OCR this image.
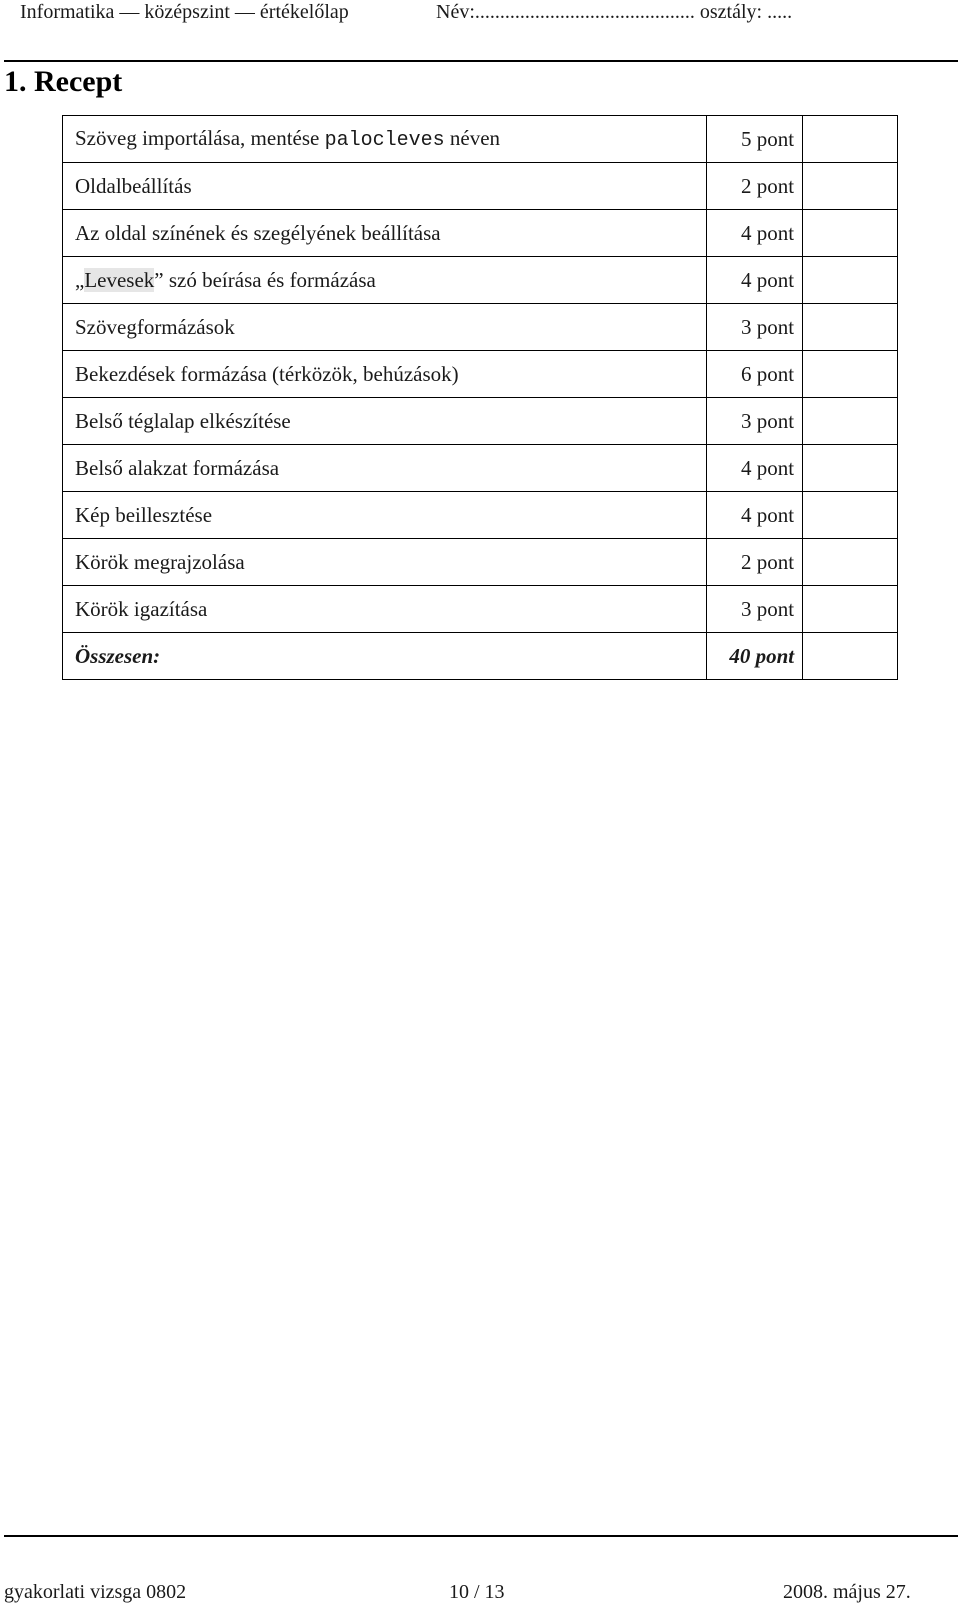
Informatika — középszint — értékelőlap	Név:............................................ osztály: .....
1. Recept
Szöveg importálása, mentése palocleves néven	5 pont	
Oldalbeállítás	2 pont	
Az oldal színének és szegélyének beállítása	4 pont	
„Levesek” szó beírása és formázása	4 pont	
Szövegformázások	3 pont	
Bekezdések formázása (térközök, behúzások)	6 pont	
Belső téglalap elkészítése	3 pont	
Belső alakzat formázása	4 pont	
Kép beillesztése	4 pont	
Körök megrajzolása	2 pont	
Körök igazítása	3 pont	
Összesen:	40 pont	
gyakorlati vizsga 0802	10 / 13	2008. május 27.
